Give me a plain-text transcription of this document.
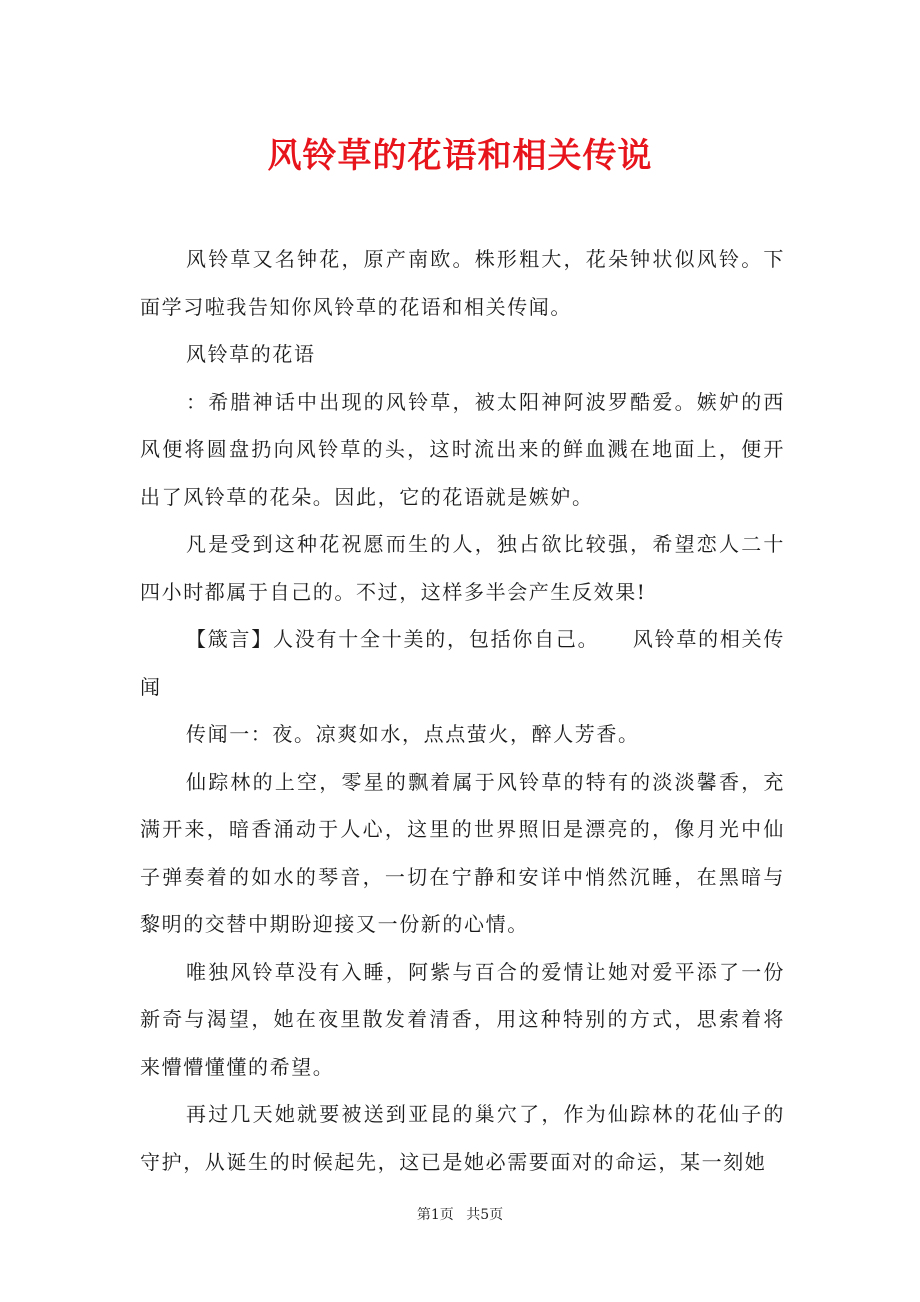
风铃草的花语和相关传说

风铃草又名钟花，原产南欧。株形粗大，花朵钟状似风铃。下面学习啦我告知你风铃草的花语和相关传闻。

风铃草的花语

：希腊神话中出现的风铃草，被太阳神阿波罗酷爱。嫉妒的西风便将圆盘扔向风铃草的头，这时流出来的鲜血溅在地面上，便开出了风铃草的花朵。因此，它的花语就是嫉妒。

凡是受到这种花祝愿而生的人，独占欲比较强，希望恋人二十四小时都属于自己的。不过，这样多半会产生反效果!

【箴言】人没有十全十美的，包括你自己。　　风铃草的相关传闻

传闻一：夜。凉爽如水，点点萤火，醉人芳香。

仙踪林的上空，零星的飘着属于风铃草的特有的淡淡馨香，充满开来，暗香涌动于人心，这里的世界照旧是漂亮的，像月光中仙子弹奏着的如水的琴音，一切在宁静和安详中悄然沉睡，在黑暗与黎明的交替中期盼迎接又一份新的心情。

唯独风铃草没有入睡，阿紫与百合的爱情让她对爱平添了一份新奇与渴望，她在夜里散发着清香，用这种特别的方式，思索着将来懵懵懂懂的希望。

再过几天她就要被送到亚昆的巢穴了，作为仙踪林的花仙子的守护，从诞生的时候起先，这已是她必需要面对的命运，某一刻她

第1页 共5页
